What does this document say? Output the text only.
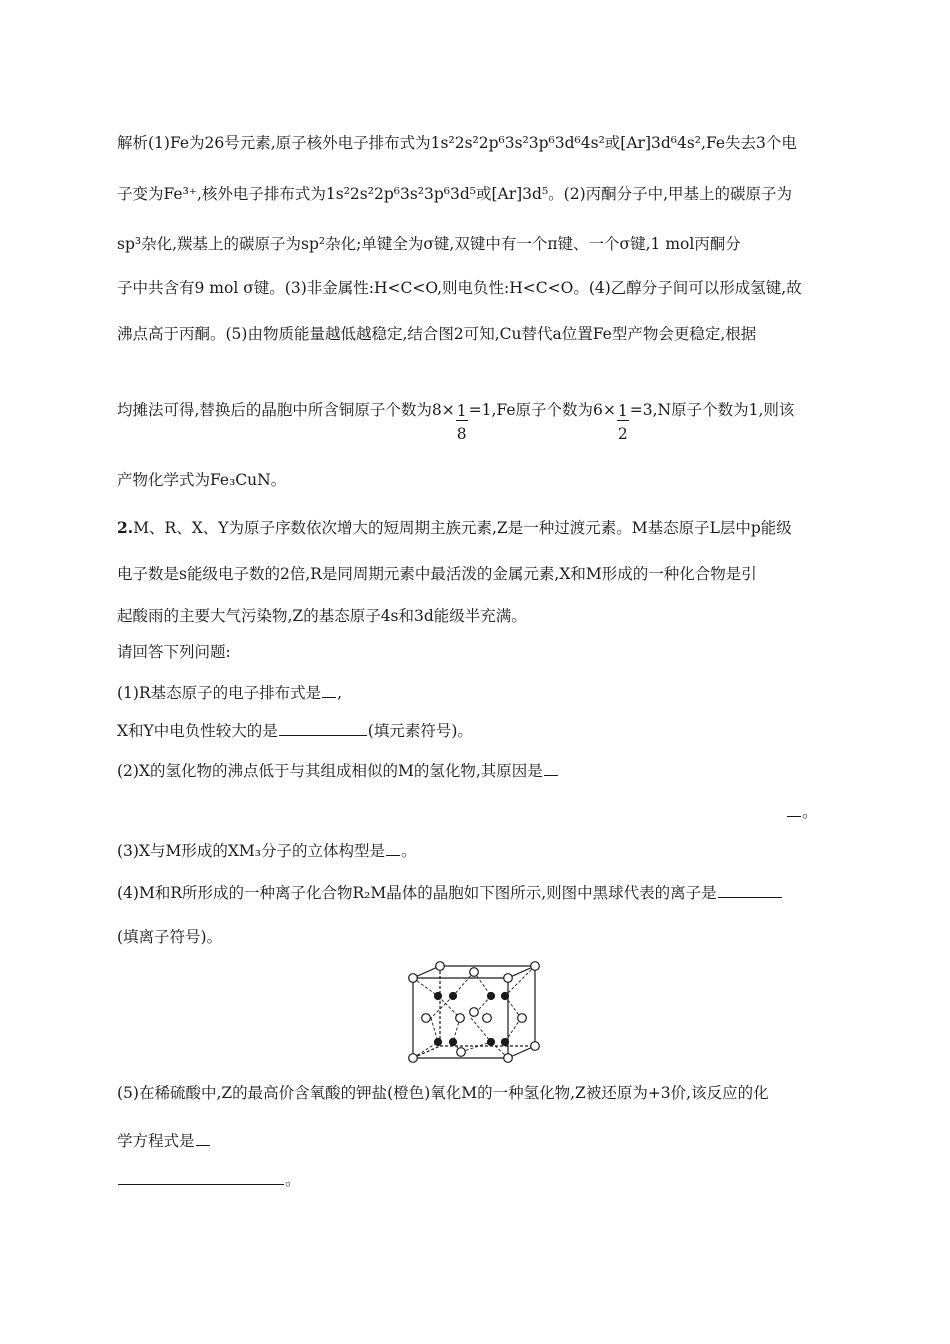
解析(1)Fe为26号元素,原子核外电子排布式为1s²2s²2p⁶3s²3p⁶3d⁶4s²或[Ar]3d⁶4s²,Fe失去3个电
子变为Fe³⁺,核外电子排布式为1s²2s²2p⁶3s²3p⁶3d⁵或[Ar]3d⁵。(2)丙酮分子中,甲基上的碳原子为
sp³杂化,羰基上的碳原子为sp²杂化;单键全为σ键,双键中有一个π键、一个σ键,1 mol丙酮分
子中共含有9 mol σ键。(3)非金属性:H<C<O,则电负性:H<C<O。(4)乙醇分子间可以形成氢键,故
沸点高于丙酮。(5)由物质能量越低越稳定,结合图2可知,Cu替代a位置Fe型产物会更稳定,根据
均摊法可得,替换后的晶胞中所含铜原子个数为$8\times \frac{1}{8} =1,Fe$原子个数为$6\times \frac{1}{2} =3,N$原子个数为1,则该
产物化学式为Fe₃CuN。
2.M、R、X、Y为原子序数依次增大的短周期主族元素,Z是一种过渡元素。M基态原子L层中p能级
电子数是s能级电子数的2倍,R是同周期元素中最活泼的金属元素,X和M形成的一种化合物是引
起酸雨的主要大气污染物,Z的基态原子4s和3d能级半充满。
请回答下列问题:
(1)R基态原子的电子排布式是 ,
X和Y中电负性较大的是	(填元素符号)。
(2)X的氢化物的沸点低于与其组成相似的M的氢化物,其原因是
。
(3)X与M形成的XM₃分子的立体构型是 。
(4)M和R所形成的一种离子化合物R₂M晶体的晶胞如下图所示,则图中黑球代表的离子是
(填离子符号)。
(5)在稀硫酸中,Z的最高价含氧酸的钾盐(橙色)氧化M的一种氢化物,Z被还原为+3价,该反应的化
学方程式是
。
